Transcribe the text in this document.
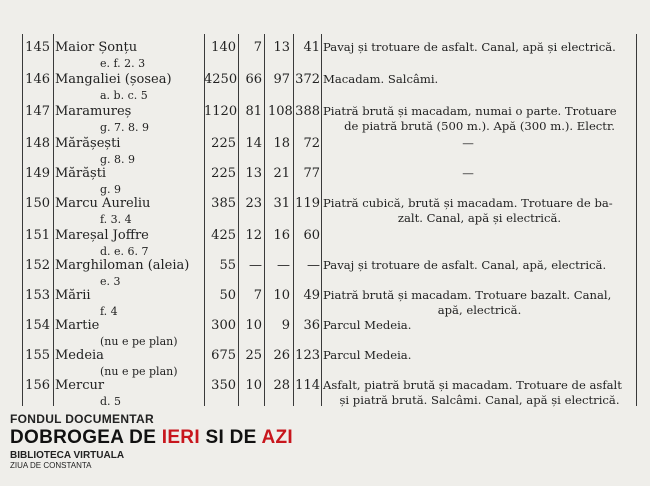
145 Maior Șonțu
e. f. 2. 3
140	7 13	41 Pavaj și trotuare de asfalt. Canal, apă și electrică.
146 Mangaliei (șosea)
a. b. c. 5
4250 66 97 372 Macadam. Salcâmi.
147 Maramureș
g. 7. 8. 9
1120 81 108 388 Piatră brută și macadam, numai o parte. Trotuare
de piatră brută (500 m.). Apă (300 m.). Electr.
148 Mărășești
g. 8. 9
225 14 18	72	—
149 Mărăști
g. 9
225 13 21	77	—
150 Marcu Aureliu
f. 3. 4
385 23 31 119 Piatră cubică, brută și macadam. Trotuare de ba-
zalt. Canal, apă și electrică.
151 Mareșal Joffre
d. e. 6. 7
425 12 16	60
152 Marghiloman (aleia)
e. 3
55	—	—	— Pavaj și trotuare de asfalt. Canal, apă, electrică.
153 Mării
f. 4
50	7 10	49 Piatră brută și macadam. Trotuare bazalt. Canal,
apă, electrică.
154 Martie
(nu e pe plan)
300 10	9	36 Parcul Medeia.
155 Medeia
(nu e pe plan)
675 25 26 123 Parcul Medeia.
156 Mercur
d. 5
350 10 28 114 Asfalt, piatră brută și macadam. Trotuare de asfalt
și piatră brută. Salcâmi. Canal, apă și electrică.
FONDUL DOCUMENTAR
DOBROGEA DE IERI SI DE AZI
BIBLIOTECA VIRTUALA
ZIUA DE CONSTANTA
